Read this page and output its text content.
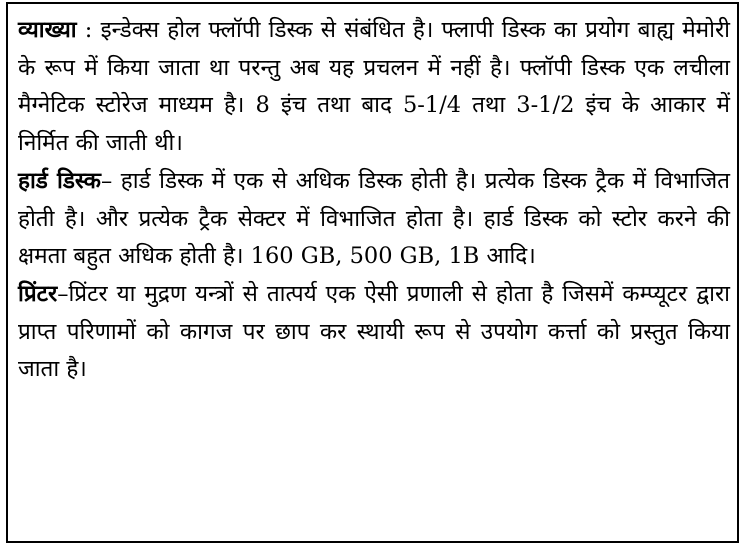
व्याख्या : इन्डेक्स होल फ्लॉपी डिस्क से संबंधित है। फ्लापी डिस्क का प्रयोग बाह्य मेमोरी के रूप में किया जाता था परन्तु अब यह प्रचलन में नहीं है। फ्लॉपी डिस्क एक लचीला मैग्नेटिक स्टोरेज माध्यम है। 8 इंच तथा बाद 5-1/4 तथा 3-1/2 इंच के आकार में निर्मित की जाती थी।

हार्ड डिस्क– हार्ड डिस्क में एक से अधिक डिस्क होती है। प्रत्येक डिस्क ट्रैक में विभाजित होती है। और प्रत्येक ट्रैक सेक्टर में विभाजित होता है। हार्ड डिस्क को स्टोर करने की क्षमता बहुत अधिक होती है। 160 GB, 500 GB, 1B आदि।

प्रिंटर–प्रिंटर या मुद्रण यन्त्रों से तात्पर्य एक ऐसी प्रणाली से होता है जिसमें कम्प्यूटर द्वारा प्राप्त परिणामों को कागज पर छाप कर स्थायी रूप से उपयोग कर्त्ता को प्रस्तुत किया जाता है।
